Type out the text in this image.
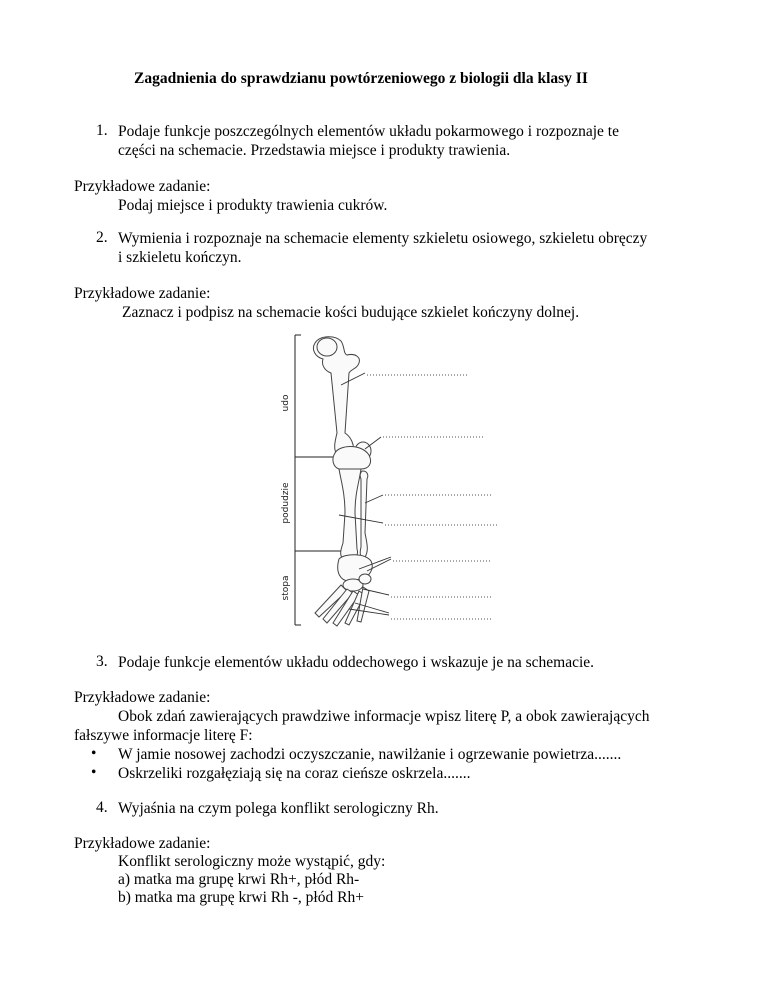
Zagadnienia do sprawdzianu powtórzeniowego z biologii dla klasy II
1. Podaje funkcje poszczególnych elementów układu pokarmowego i rozpoznaje te
części na schemacie. Przedstawia miejsce i produkty trawienia.
Przykładowe zadanie:
Podaj miejsce i produkty trawienia cukrów.
2. Wymienia i rozpoznaje na schemacie elementy szkieletu osiowego, szkieletu obręczy
i szkieletu kończyn.
Przykładowe zadanie:
Zaznacz i podpisz na schemacie kości budujące szkielet kończyny dolnej.
udo
podudzie
stopa
3. Podaje funkcje elementów układu oddechowego i wskazuje je na schemacie.
Przykładowe zadanie:
Obok zdań zawierających prawdziwe informacje wpisz literę P, a obok zawierających
fałszywe informacje literę F:
• W jamie nosowej zachodzi oczyszczanie, nawilżanie i ogrzewanie powietrza.......
• Oskrzeliki rozgałęziają się na coraz cieńsze oskrzela.......
4. Wyjaśnia na czym polega konflikt serologiczny Rh.
Przykładowe zadanie:
Konflikt serologiczny może wystąpić, gdy:
a) matka ma grupę krwi Rh+, płód Rh-
b) matka ma grupę krwi Rh -, płód Rh+
